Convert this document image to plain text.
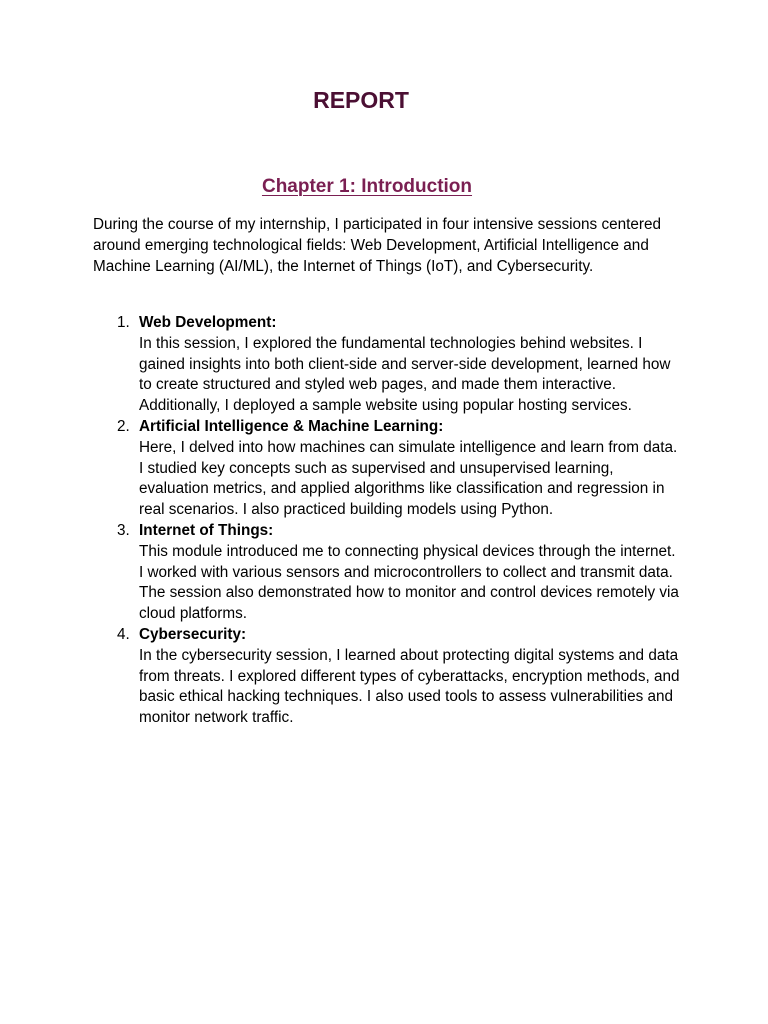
REPORT
Chapter 1: Introduction

During the course of my internship, I participated in four intensive sessions centered around emerging technological fields: Web Development, Artificial Intelligence and Machine Learning (AI/ML), the Internet of Things (IoT), and Cybersecurity.

1. Web Development:
In this session, I explored the fundamental technologies behind websites. I gained insights into both client-side and server-side development, learned how to create structured and styled web pages, and made them interactive. Additionally, I deployed a sample website using popular hosting services.
2. Artificial Intelligence & Machine Learning:
Here, I delved into how machines can simulate intelligence and learn from data. I studied key concepts such as supervised and unsupervised learning, evaluation metrics, and applied algorithms like classification and regression in real scenarios. I also practiced building models using Python.
3. Internet of Things:
This module introduced me to connecting physical devices through the internet. I worked with various sensors and microcontrollers to collect and transmit data. The session also demonstrated how to monitor and control devices remotely via cloud platforms.
4. Cybersecurity:
In the cybersecurity session, I learned about protecting digital systems and data from threats. I explored different types of cyberattacks, encryption methods, and basic ethical hacking techniques. I also used tools to assess vulnerabilities and monitor network traffic.
